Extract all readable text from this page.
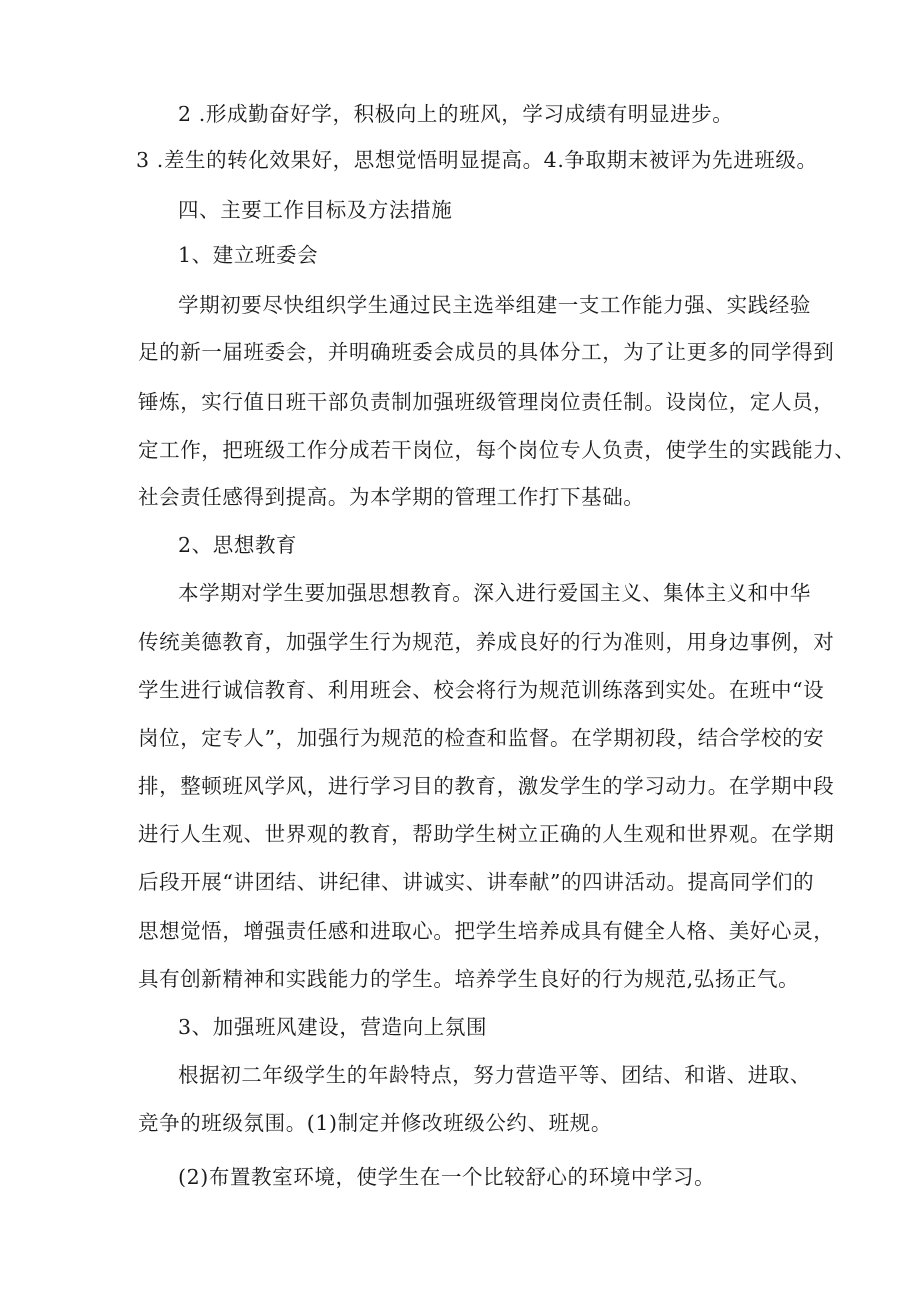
2 .形成勤奋好学，积极向上的班风，学习成绩有明显进步。
3 .差生的转化效果好，思想觉悟明显提高。4.争取期末被评为先进班级。
四、主要工作目标及方法措施
1、建立班委会
学期初要尽快组织学生通过民主选举组建一支工作能力强、实践经验
足的新一届班委会，并明确班委会成员的具体分工，为了让更多的同学得到
锤炼，实行值日班干部负责制加强班级管理岗位责任制。设岗位，定人员，
定工作，把班级工作分成若干岗位，每个岗位专人负责，使学生的实践能力、
社会责任感得到提高。为本学期的管理工作打下基础。
2、思想教育
本学期对学生要加强思想教育。深入进行爱国主义、集体主义和中华
传统美德教育，加强学生行为规范，养成良好的行为准则，用身边事例，对
学生进行诚信教育、利用班会、校会将行为规范训练落到实处。在班中“设
岗位，定专人”，加强行为规范的检查和监督。在学期初段，结合学校的安
排，整顿班风学风，进行学习目的教育，激发学生的学习动力。在学期中段
进行人生观、世界观的教育，帮助学生树立正确的人生观和世界观。在学期
后段开展“讲团结、讲纪律、讲诚实、讲奉献”的四讲活动。提高同学们的
思想觉悟，增强责任感和进取心。把学生培养成具有健全人格、美好心灵，
具有创新精神和实践能力的学生。培养学生良好的行为规范,弘扬正气。
3、加强班风建设，营造向上氛围
根据初二年级学生的年龄特点，努力营造平等、团结、和谐、进取、
竞争的班级氛围。(1)制定并修改班级公约、班规。
(2)布置教室环境，使学生在一个比较舒心的环境中学习。
